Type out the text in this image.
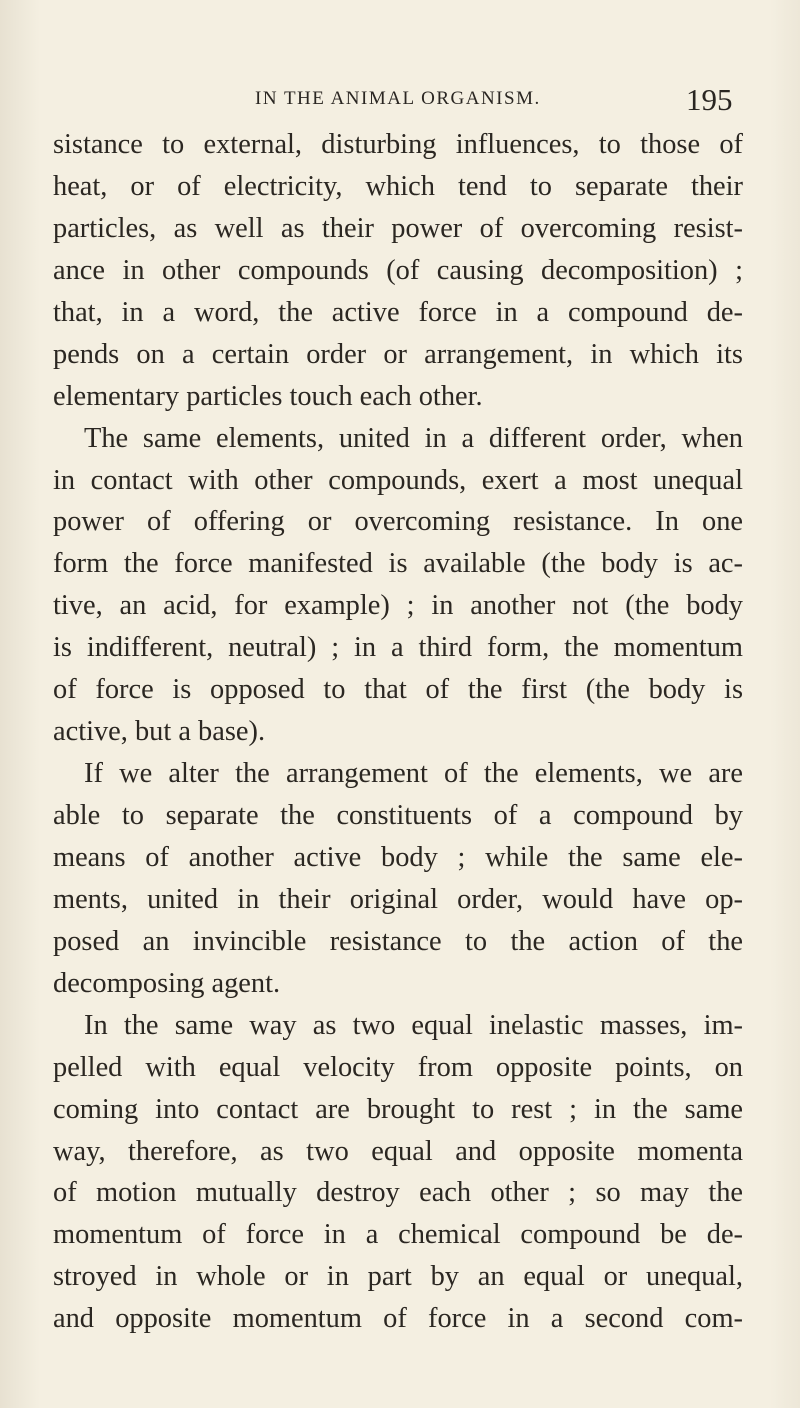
IN THE ANIMAL ORGANISM.	195
sistance to external, disturbing influences, to those of
heat, or of electricity, which tend to separate their
particles, as well as their power of overcoming resist-
ance in other compounds (of causing decomposition) ;
that, in a word, the active force in a compound de-
pends on a certain order or arrangement, in which its
elementary particles touch each other.
The same elements, united in a different order, when
in contact with other compounds, exert a most unequal
power of offering or overcoming resistance. In one
form the force manifested is available (the body is ac-
tive, an acid, for example) ; in another not (the body
is indifferent, neutral) ; in a third form, the momentum
of force is opposed to that of the first (the body is
active, but a base).
If we alter the arrangement of the elements, we are
able to separate the constituents of a compound by
means of another active body ; while the same ele-
ments, united in their original order, would have op-
posed an invincible resistance to the action of the
decomposing agent.
In the same way as two equal inelastic masses, im-
pelled with equal velocity from opposite points, on
coming into contact are brought to rest ; in the same
way, therefore, as two equal and opposite momenta
of motion mutually destroy each other ; so may the
momentum of force in a chemical compound be de-
stroyed in whole or in part by an equal or unequal,
and opposite momentum of force in a second com-
